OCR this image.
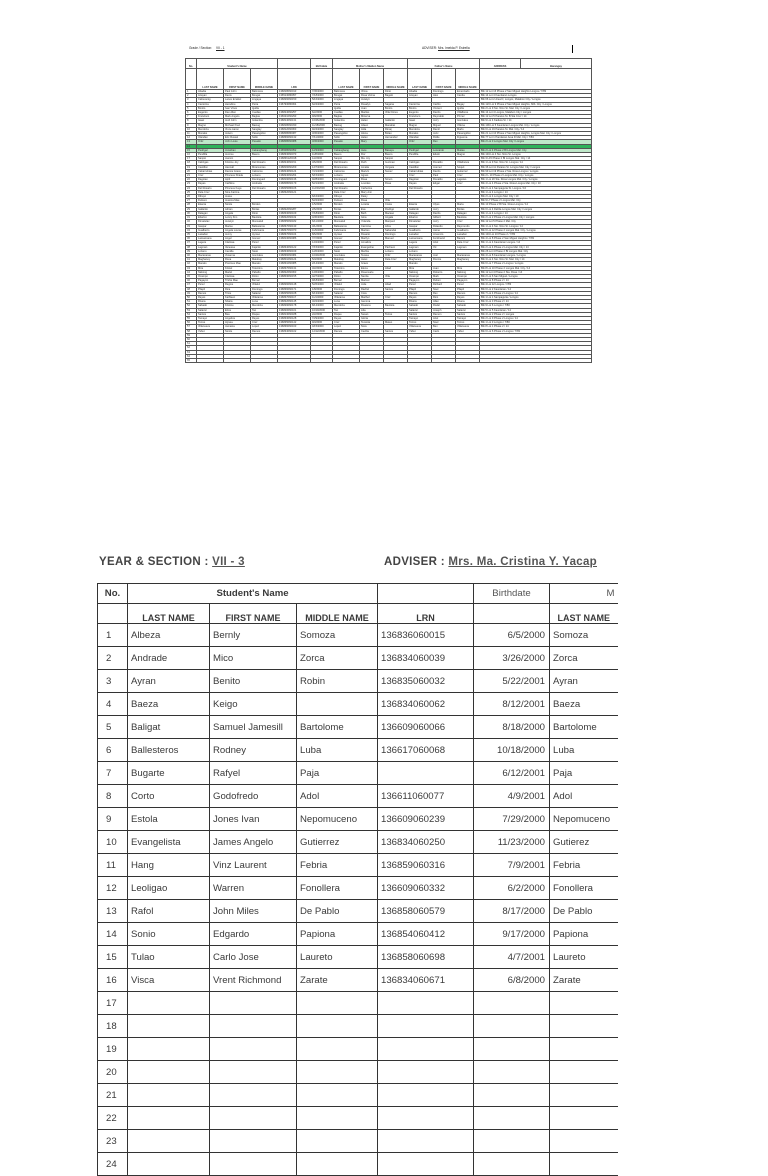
Grade / Section: VII - 1	ADVISER: Mrs. Imelda P. Estrella
No.	Student's Name				Birthdate	Mother's Maiden Name			Father's Name			ADDRESS	Barangay
	LAST NAME	FIRST NAME	MIDDLE NAME	LRN		LAST NAME	FIRST NAME	MIDDLE NAME	LAST NAME	FIRST NAME	MIDDLE NAME		
1	Abadia	Paul John	Balmores	136818060013	7/30/2000	Balmores	Vilma	Dinio	Abadia	Domingo	Emerciado	Blk 12 Lot 16 Phase 2 San Miguel Heights Longos / 7/83	
2	Acayan	Denis	Bongat	136513080057	7/18/2000	Bongat	Rosa Velma	Bagelo	Acayan	Alex	Canda	Blk 14 Lot 4 Kaunlaran Longos	
3	Cabucanig	Lance Ezekiel	Lingaya	136826060150	5/16/2000	Lingaya	Jocelyn					Blk 66 Lot 2 Area D, Longos, Malabon City / Longos	
4	Cantorna	Herodine	Petra	136793080064	6/24/2000	Petra	Rosalyn	Sagana	Cantorna	Carlito	Bugay	Blk 123 Lot 9 Phase 2 San Miguel Heights, Mlb. City / Longos	
5	Bonito	Ivan Vince	Iguilla			Iguilla	Joan	Bonito	Bonito	Vincent	Iguilla	Blk 2 Lot 9 Sto. Nino St. Mal. City / Longos	
6	Eugenio	Dan Allen	Cuellas	136824060257	6/2/2000	Cuellas	Mariles	Villa Flores	Eugenio	Danilo	Villaflores	Blk 14 Lot 4 Longos, Malabon City / Longos	
7	Francisco	Mark Angelo	Baglas	136621060293	9/9/2000	Baglas	Minerva		Francisco	Reynaldo	Primer	Blk 12 Lot 5 Paraiso St. B.Sta Cruz / 14	
8	Isaac	Jerd John	Golamba	136814060131	10/26/2000	Golamba	Helen	Gallardo	Isaac	Jerry	Gonzales	Blk 9 Lot 4 Kadiwa St. / 14	
9	Magno	Michael Paul	Bastug	136818060330	11/18/2000	Bastug	Aileen	Manabat	Magno	Miguel	Villena	Blk 109 Lot 5 Kaunlaran Longos Mal. City / Longos	
10	Mendoza	Vince Aaron	Sanglay	136812060063	9/24/2000	Sanglay	Aida	Rimaj	Mendoza	Ramil	Marlo	Blk 6 Lot 19 Paraiso St. Mal. City / 14	
11	Morales	Jelson	Pasangidon	136808080087	3/30/2000	Pasangidon	Alona	Bolao	Morales	Jeric	Pasangidon	Blk 21 Lot 10 Phase 2 San Miguel Heights, Longos Mal. City / Longos	
12	Olandan	Eric Russel	Sollo	136836060132	7/11/2000	Sollo	Helen	Hernandez	Olandan	Rollie	Figueroa	Blk 77 Lot 1 Pandacan Area D Mal. City / 7/83	
13	Ortiz	John Louie	Pesado	136808060088	3/30/2000	Pesado	Mary		Ortiz	Rex		Blk 2 Lot 3 Longos Mal. City / Longos	
14													
15	Pedrigal	Jonathan	Cabangbang	136508060052	1/23/2000	Cabangbang	Jane	Basaya	Pedrigal	Leonardo	Matias	Blk 2 Lot 4 Phase 2 Bl Longos Mal. City	
16	Pendilla	Jerome	Bueno	136833060073	11/8/2000	Bueno	Flor	Bueno	Pendilla	Edwin	Magno	Blk 134 Lot 4 Sto. Nino St. Longos	
17	Sanpio	Jasmin		136836120018	1/2/2000	Sanpio	Ma. Joy	Sanpio				Blk 3 L15 Phase 2 Bl Longos Mal. City / 14	
18	Cabrigas	Kristine Joy	Del Rosario	136824060151	3/6/2000	Del Rosario	Ruth	Guzman	Cabrigas	Ronaldo	Villafranca	Blk 1 Lot 9 Sto. Nino St. Longos / 14	
19	Castillon	Hannah	Miramontes	136816060209	12/7/2000	Miramontes	Amalia	Vergara	Castillon	Joemel	Soquit	Blk 36 Lot 11 Paraiso St. Longos Mal. City / Longos	
20	Cabarrubias	Danica Grace	Cabreros	136824060124	7/21/2000	Cabreros	Marivic	Nunez	Cabarrubias	Danilo	Gutierrez	Blk 99 Lot 19 Phase 2 Sta. Rosa Longos / Longos	
21	Cruz	Princess Shiela	Lozano	136823060264	5/15/2000	Lozano	Agnes		Cruz	Paul	Cruz	Blk 2 L 10 Phase 2 Longos Mal. City / Longos	
22	Dagotan	April	Dominguez	136819060136	9/28/2000	Dominguez	Rosa	Simon	Dagotan	Ronaldo	Lagulao	Blk 1 Lot 20 Sta. Rosa Longos Mal. City / Longos	
23	Dayao	Cathline	Andrada	136808060179	5/21/2000	Andrada	Lourdes	Rosa	Dayao	Edgar	Cruz	Blk 4 Lot 4 Phase 2 Sta. Rosa Longos Mal. City / 10	
24	Del Rosario	Princess Kaye	Del Rosario	136825080106	11/20/2000	Del Rosario	Catherine		Del Rosario			Blk 2 Lot 4 Sampaguita St. Longos / 10	
25	Dela Cruz	Nina Katrina		136832060121		Dela Cruz	Mary Ann					Blk 1 Lot 4 Longos / 14	
26	Dibuyo	Jessa			6/16/2000	Dibuyo	Daisy					Blk 2 Lot 4 Longos Mal. City / 10	
27	Dulcero	Jessica Mae			5/22/2000	Dulcero	Rosa	Villa				Blk 9 L7 Phase 2 Longos Mal. City	
28	Elauria	Nicole	Borden		1/5/2000	Borden	Loretta	Costa	Elauria	Ulyss	Maria	Blk 13 Phase 2 Bl Sta. Rosa Longos / 14	
29	Gallardo	Adrian	Borlas	136822060287	2/6/2000	Borlas	Eva	Rodrigo	Gallardo	Jerry	Borlas	Blk 6 Lot 4 Dahlia Longos Mal. City / Longos	
30	Dalagan	Angela	Dinio	136833060109	7/18/2000	Dinio	Beth	Macaso	Dalagan	Danilo	Dalagan	Blk 1 Lot 4 Longos / 14	
31	Ebarico	Lenny Kim	Bautista	136822060119	4/30/2000	Bautista	Gina	Angala	Ebarico	Gilbert	Bautista	Blk 2 Lot 2 Phase 2 Longos Mal. City / Longos	
32	Dimatulac	Jenelyn	Monsalud	136835060182	6/11/2000	Monsalud	Yolanda	Marquez	Dimatulac	Jerry	Cruz	Blk 12 Lot 5 Phase 2 Mal. City	
33	Gaspar	Marise	Ballesteros	136837060133	3/1/2000	Ballesteros	Carmina	Arlos	Gaspar	Rolando	Raymundo	Blk 1 Lot 4 Sto. Nino St. Longos / 14	
34	Gualberto	Angela Louise	Fabricante	136837060070	11/9/2000	Fabricante	Marites	Sabandal	Gualberto	Jaime	Gualberto	Blk 6 Lot 12 Phase 2 Longos Mal. City / Longos	
35	Lacaden	Jenny	Ayroso	136837060104	8/6/2000	Ayroso	Rosario	Domingo	Lacaden	Jovencio	Lacaden	Blk 134 Lot 10 Phase 2 / 7/83	
36	Lacsamana	Angel	Gomez	136813060086	7/7/2000	Gomez	Marilyn	Manuel	Lacsamana	Ferdinand	Bacani	Blk 4 Lot 8 Phase 2 San Miguel Heights / 7/83	
37	Lagera	Clarissa	Perez		12/2/2000	Perez	Annaliza		Lagera	Ariel	Dela Cruz	Blk 1 Lot 4 Kaunlaran Longos / 14	
38	Lagman	Vanessa	Fajardo	136834060122	7/15/2000	Fajardo	Evangeline	Pacheco	Lagman	Vic	Lagman	Blk 2 Lot 4 Phase 2 Longos Mal. City / 14	
39	Lozano	Camille	Nieto	136833060169	1/20/2000	Nieto	Merlita	Lozano	Lozano			Blk 26 Lot 4 Phase 2 Bl Longos Mal. City	
40	Macaranas	Jhoanna	Gonzales	136836060084	10/29/2000	Gonzales	Teresa	Ortiz	Macaranas	Joel	Macaranas	Blk 4 Lot 8 Kaunlaran Longos / Longos	
41	Maghanoy	Rona	Malubay	136801060124	5/3/2000	Malubay	Janet	Dela Cruz	Maghanoy	Ronnie	Maghanoy	Blk 3 Lot 4 Sto. Nino St. Mal. City / 14	
42	Manalo	Precious Mae	Manalo	136831060085	2/14/2000	Manalo	Grace		Manalo			Blk 6 Lot 7 Phase 2 Longos / Longos	
43	Mira	Kristel	Tolentino	136837060131	3/2/2000	Tolentino	Elena	Abad	Mira	Juan	Mira	Blk 8 Lot 10 Phase 2 Longos Mal. City / 14	
44	Nabong	Mariel	Pabello	136822060063	12/6/2000	Pabello	Rosemarie		Nabong	Roberto	Nabong	Blk 12 Lot 4 Phase 2 Sta. Rosa / 14	
45	Ocampo	Clarissa	Dizon	136803060155	4/27/2000	Dizon	Nenita	Villa	Ocampo	Mark	Ocampo	Blk 2 Lot 6 San Miguel / Longos	
46	Pagayon	Trisha Mae	Bernal		9/18/2000	Bernal	Maricel		Pagayon	Ruben	Pagayon	Blk 5 Lot 8 Phase 2 / 14	
47	Perez	Regine	Villaluz	136826060148	5/26/2000	Villaluz	Julie	Abad	Perez	Richard	Perez	Blk 4 Lot 12 Longos / 7/83	
48	Pilapil	Rica	Domingo	136836060171	1/8/2000	Domingo	Rachel	Santos	Pilapil	Noel	Pilapil	Blk 6 Lot 2 Kaunlaran / 14	
49	Ramos	Trixie	Salazar	136825060108	6/13/2000	Salazar	Cora		Ramos	Rex	Ramos	Blk 7 Lot 4 Phase 2 Longos / 14	
50	Reyes	Kathleen	Villarama	136837060117	11/1/2000	Villarama	Maribel	Cruz	Reyes	Rico	Reyes	Blk 1 Lot 1 Sampaguita / Longos	
51	Rivera	Shaira	Luna	136822060145	3/22/2000	Luna	Gemma		Rivera	Allan	Rivera	Blk 3 Lot 3 Phase 2 / 14	
52	Sabado	Kristine	Mendoza	136829060178	8/14/2000	Mendoza	Rowena	Bautista	Sabado	Rodel	Sabado	Blk 9 Lot 6 Longos / 7/83	
53	Salazar	Erica	Tan	136820060101	10/10/2000	Tan	Lilia		Salazar	Joseph	Salazar	Blk 5 Lot 5 Kaunlaran / 14	
54	Santos	Bea	Roque	136813060188	2/2/2000	Roque	Susan	Torres	Santos	Ramon	Santos	Blk 4 Lot 2 Phase 2 / Longos	
55	Tamayo	Angelica	Reyes	136833060128	7/29/2000	Reyes	Gloria		Tamayo	Ariel	Tamayo	Blk 2 Lot 9 Phase 2 Longos / 14	
56	Torres	Alyssa	Cruz	136835060142	9/3/2000	Cruz	Teresita	Mateo	Torres	Noel	Torres	Blk 1 Lot 3 Longos / 7/83	
57	Villanueva	Jamaica	Lopez	136836060163	4/15/2000	Lopez	Nora		Villanueva	Ben	Villanueva	Blk 8 Lot 1 Phase 2 / 14	
58	Yabut	Nicole	Ramos	136834060102	12/12/2000	Ramos	Cecilia	Santos	Yabut	Carlo	Yabut	Blk 6 Lot 6 Phase 2 Longos / 7/83	
59													
60													
61													
62													
63													
64													
65													
YEAR & SECTION : VII - 3	ADVISER : Mrs. Ma. Cristina Y. Yacap
No.	Student's Name				Birthdate	M
	LAST NAME	FIRST NAME	MIDDLE NAME	LRN		LAST NAME
1	Albeza	Bernly	Somoza	136836060015	6/5/2000	Somoza
2	Andrade	Mico	Zorca	136834060039	3/26/2000	Zorca
3	Ayran	Benito	Robin	136835060032	5/22/2001	Ayran
4	Baeza	Keigo		136834060062	8/12/2001	Baeza
5	Baligat	Samuel Jamesill	Bartolome	136609060066	8/18/2000	Bartolome
6	Ballesteros	Rodney	Luba	136617060068	10/18/2000	Luba
7	Bugarte	Rafyel	Paja		6/12/2001	Paja
8	Corto	Godofredo	Adol	136611060077	4/9/2001	Adol
9	Estola	Jones Ivan	Nepomuceno	136609060239	7/29/2000	Nepomuceno
10	Evangelista	James Angelo	Gutierrez	136834060250	11/23/2000	Gutierez
11	Hang	Vinz Laurent	Febria	136859060316	7/9/2001	Febria
12	Leoligao	Warren	Fonollera	136609060332	6/2/2000	Fonollera
13	Rafol	John Miles	De Pablo	136858060579	8/17/2000	De Pablo
14	Sonio	Edgardo	Papiona	136854060412	9/17/2000	Papiona
15	Tulao	Carlo Jose	Laureto	136858060698	4/7/2001	Laureto
16	Visca	Vrent Richmond	Zarate	136834060671	6/8/2000	Zarate
17						
18						
19						
20						
21						
22						
23						
24						
